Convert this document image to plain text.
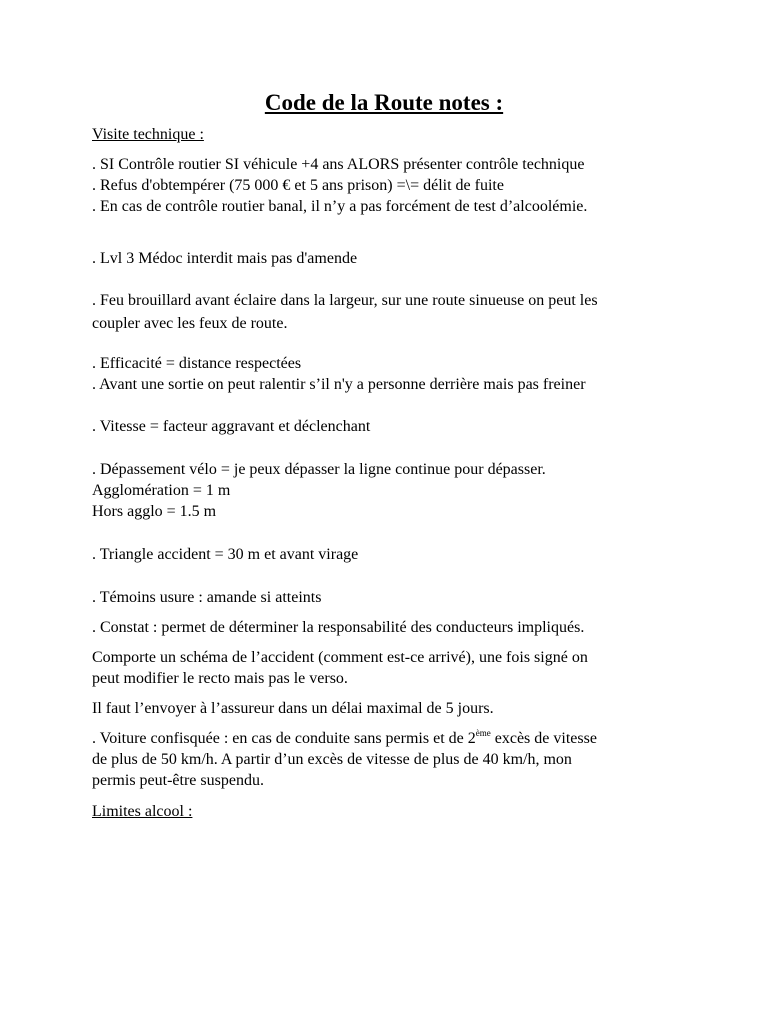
Code de la Route notes :

Visite technique :

. SI Contrôle routier SI véhicule +4 ans ALORS présenter contrôle technique

. Refus d'obtempérer (75 000 € et 5 ans prison) =\= délit de fuite

. En cas de contrôle routier banal, il n’y a pas forcément de test d’alcoolémie.

. Lvl 3 Médoc interdit mais pas d'amende

. Feu brouillard avant éclaire dans la largeur, sur une route sinueuse on peut les

coupler avec les feux de route.

. Efficacité = distance respectées

. Avant une sortie on peut ralentir s’il n'y a personne derrière mais pas freiner

. Vitesse = facteur aggravant et déclenchant

. Dépassement vélo = je peux dépasser la ligne continue pour dépasser.

Agglomération = 1 m

Hors agglo = 1.5 m

. Triangle accident = 30 m et avant virage

. Témoins usure : amande si atteints

. Constat : permet de déterminer la responsabilité des conducteurs impliqués.

Comporte un schéma de l’accident (comment est-ce arrivé), une fois signé on

peut modifier le recto mais pas le verso.

Il faut l’envoyer à l’assureur dans un délai maximal de 5 jours.

. Voiture confisquée : en cas de conduite sans permis et de 2ème excès de vitesse

de plus de 50 km/h. A partir d’un excès de vitesse de plus de 40 km/h, mon

permis peut-être suspendu.

Limites alcool :
